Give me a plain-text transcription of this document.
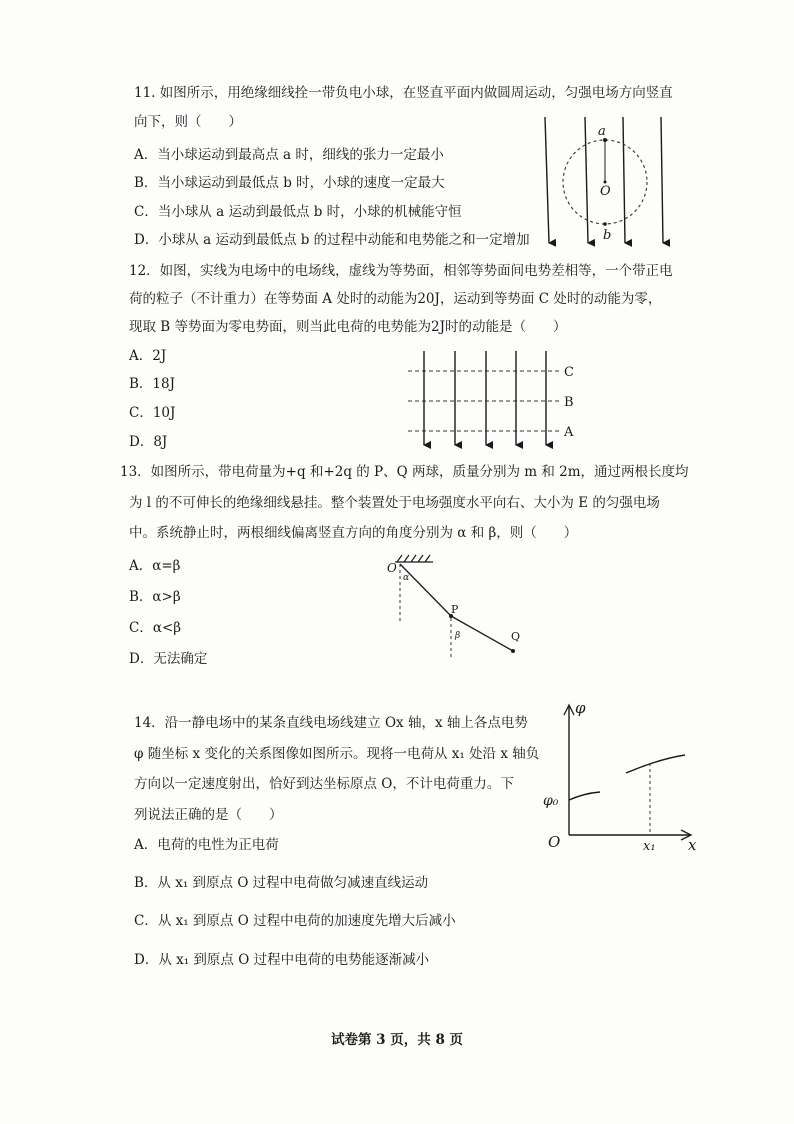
11. 如图所示，用绝缘细线拴一带负电小球，在竖直平面内做圆周运动，匀强电场方向竖直
向下，则（　　）
A．当小球运动到最高点 a 时，细线的张力一定最小
B．当小球运动到最低点 b 时，小球的速度一定最大
C．当小球从 a 运动到最低点 b 时，小球的机械能守恒
D．小球从 a 运动到最低点 b 的过程中动能和电势能之和一定增加
a
O
b
12．如图，实线为电场中的电场线，虚线为等势面，相邻等势面间电势差相等，一个带正电
荷的粒子（不计重力）在等势面 A 处时的动能为20J，运动到等势面 C 处时的动能为零，
现取 B 等势面为零电势面，则当此电荷的电势能为2J时的动能是（　　）
A．2J
B．18J
C．10J
D．8J
C
B
A
13．如图所示，带电荷量为+q 和+2q 的 P、Q 两球，质量分别为 m 和 2m，通过两根长度均
为 l 的不可伸长的绝缘细线悬挂。整个装置处于电场强度水平向右、大小为 E 的匀强电场
中。系统静止时，两根细线偏离竖直方向的角度分别为 α 和 β，则（　　）
A．α=β
B．α>β
C．α<β
D．无法确定
O
α
P
β	Q
14．沿一静电场中的某条直线电场线建立 Ox 轴，x 轴上各点电势
φ 随坐标 x 变化的关系图像如图所示。现将一电荷从 x₁ 处沿 x 轴负
方向以一定速度射出，恰好到达坐标原点 O，不计电荷重力。下
列说法正确的是（　　）
A．电荷的电性为正电荷
B．从 x₁ 到原点 O 过程中电荷做匀减速直线运动
C．从 x₁ 到原点 O 过程中电荷的加速度先增大后减小
D．从 x₁ 到原点 O 过程中电荷的电势能逐渐减小
φ
φ₀
O	x₁ x
试卷第 3 页，共 8 页
